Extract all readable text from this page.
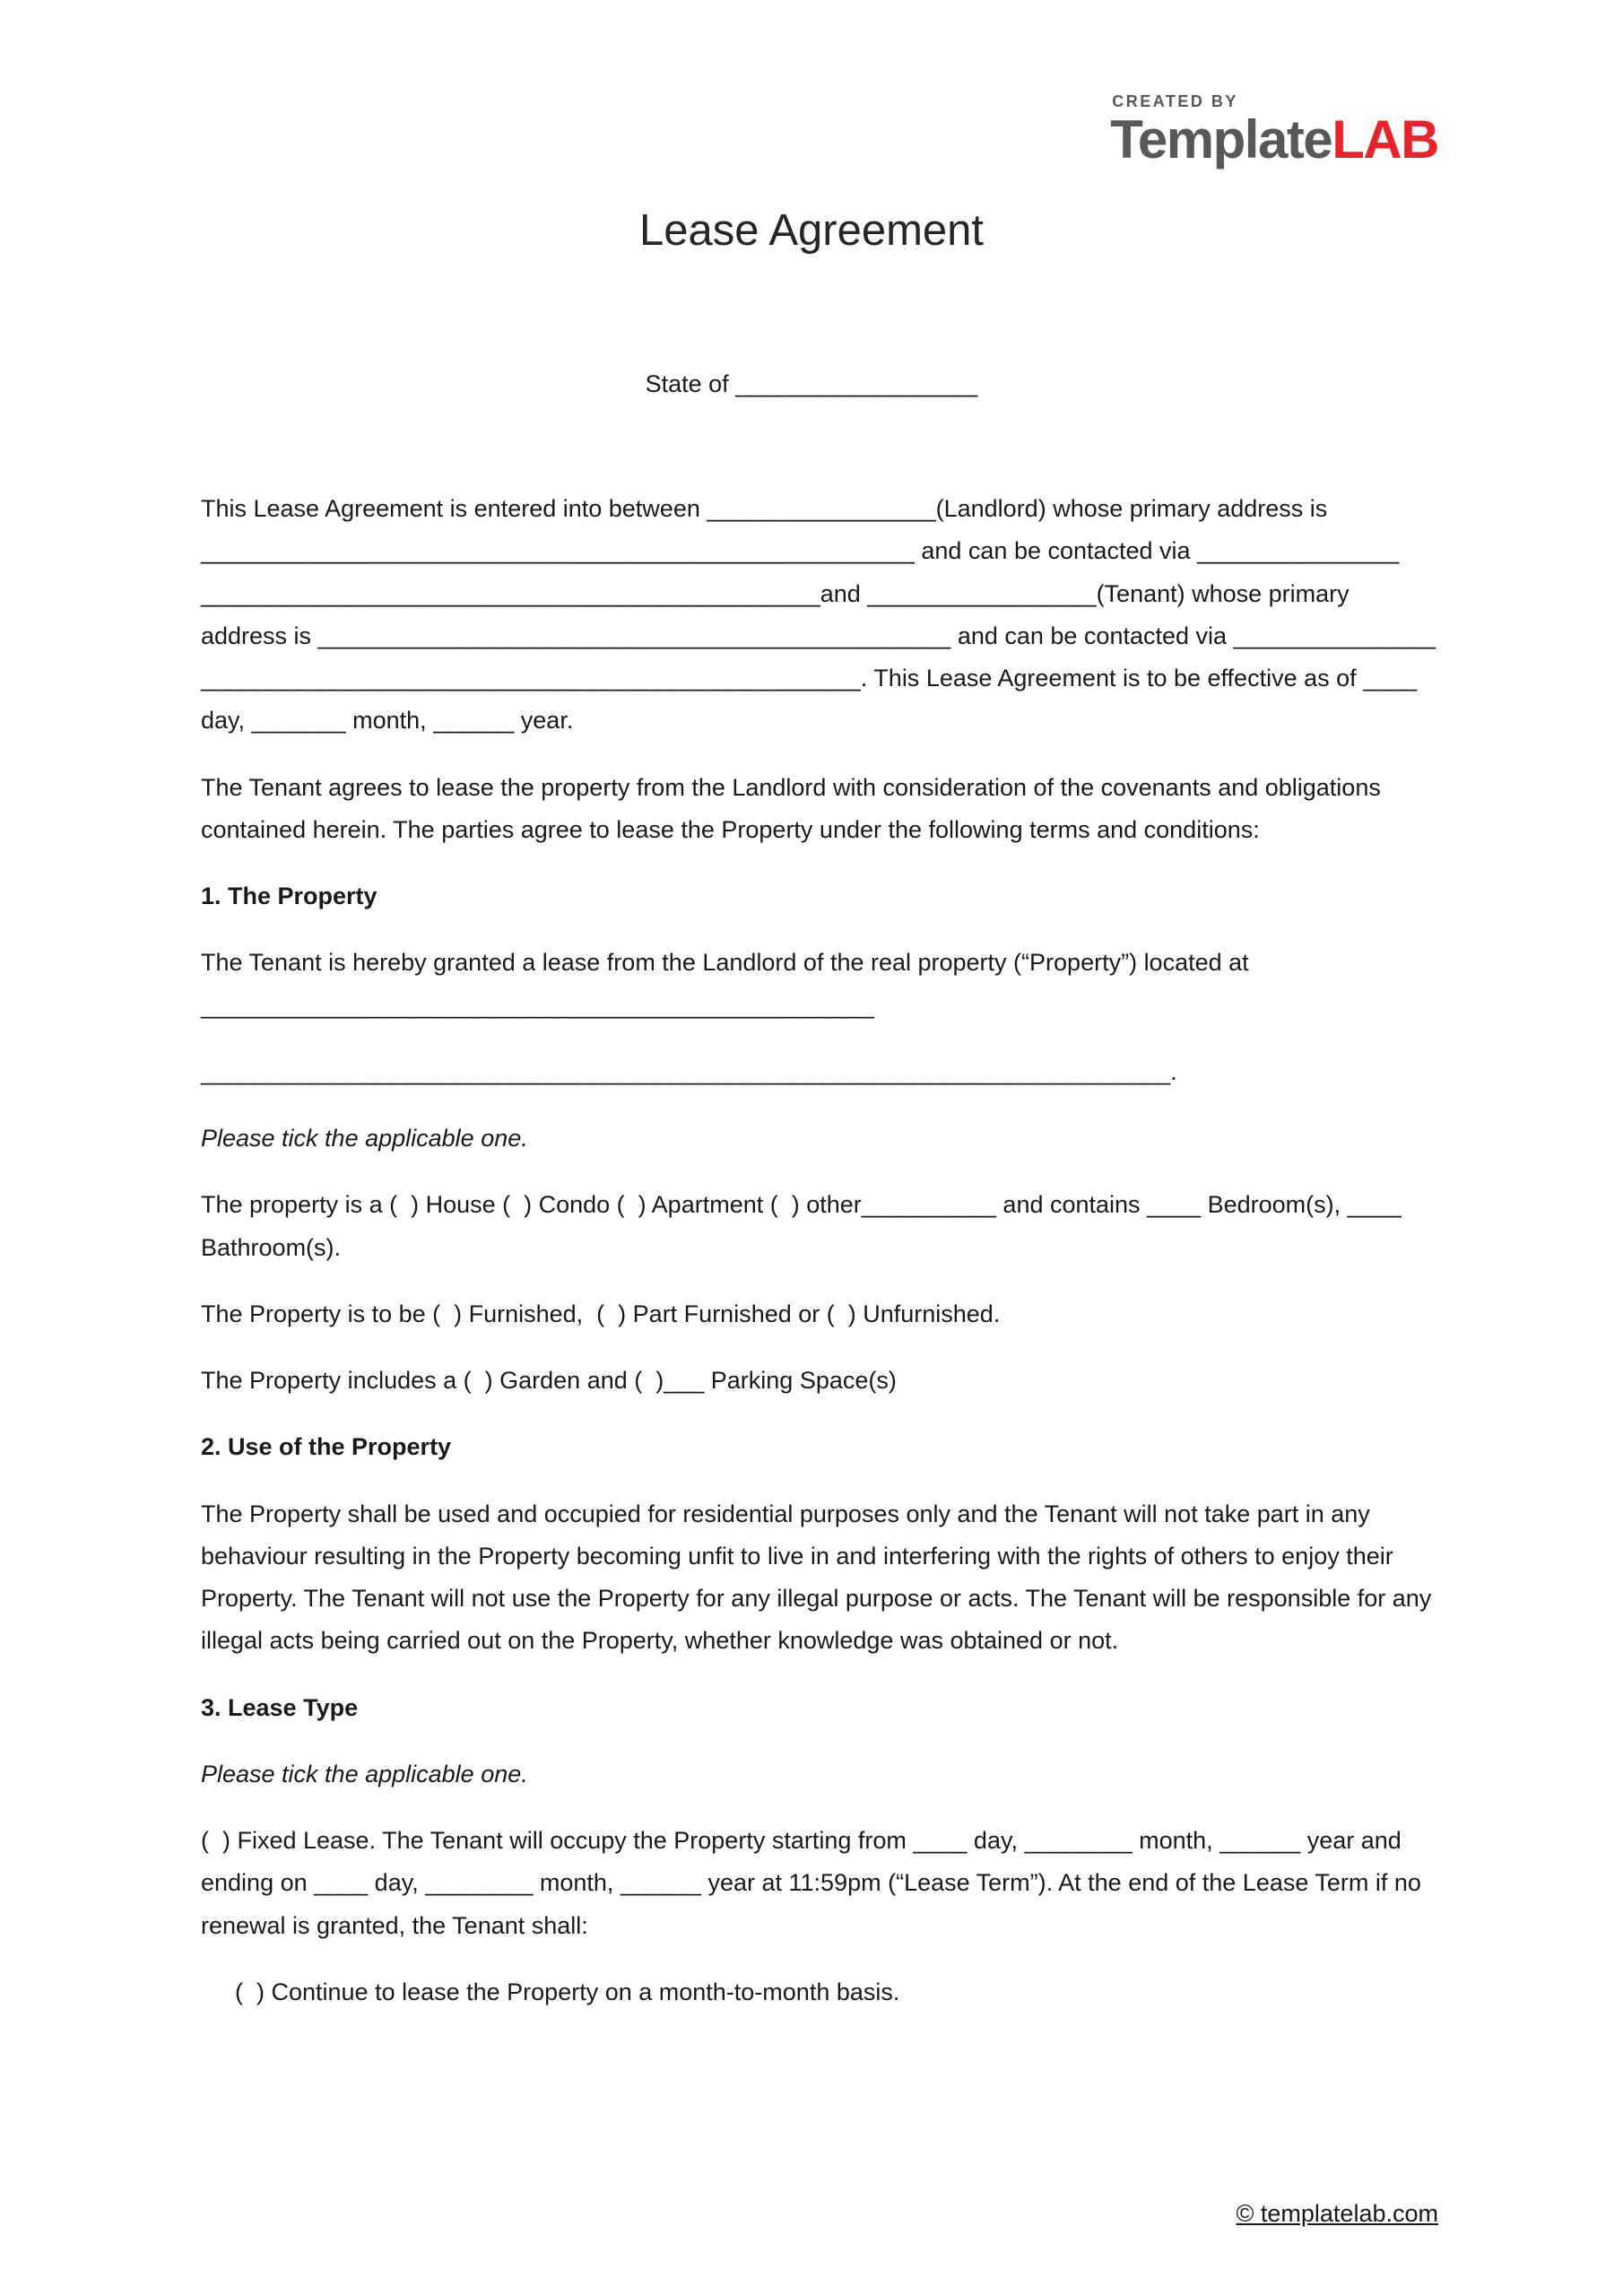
CREATED BY
TemplateLAB
Lease Agreement
State of __________________

This Lease Agreement is entered into between _________________(Landlord) whose primary address is _____________________________________________________ and can be contacted via _______________ ______________________________________________and _________________(Tenant) whose primary address is _______________________________________________ and can be contacted via _______________ _________________________________________________. This Lease Agreement is to be effective as of ____ day, _______ month, ______ year.

The Tenant agrees to lease the property from the Landlord with consideration of the covenants and obligations contained herein. The parties agree to lease the Property under the following terms and conditions:

1. The Property

The Tenant is hereby granted a lease from the Landlord of the real property (“Property”) located at __________________________________________________

________________________________________________________________________.

Please tick the applicable one.

The property is a (  ) House (  ) Condo (  ) Apartment (  ) other__________ and contains ____ Bedroom(s), ____ Bathroom(s).

The Property is to be (  ) Furnished,  (  ) Part Furnished or (  ) Unfurnished.

The Property includes a (  ) Garden and (  )___ Parking Space(s)

2. Use of the Property

The Property shall be used and occupied for residential purposes only and the Tenant will not take part in any behaviour resulting in the Property becoming unfit to live in and interfering with the rights of others to enjoy their Property. The Tenant will not use the Property for any illegal purpose or acts. The Tenant will be responsible for any illegal acts being carried out on the Property, whether knowledge was obtained or not.

3. Lease Type

Please tick the applicable one.

(  ) Fixed Lease. The Tenant will occupy the Property starting from ____ day, ________ month, ______ year and ending on ____ day, ________ month, ______ year at 11:59pm (“Lease Term”). At the end of the Lease Term if no renewal is granted, the Tenant shall:

(  ) Continue to lease the Property on a month-to-month basis.

© templatelab.com
